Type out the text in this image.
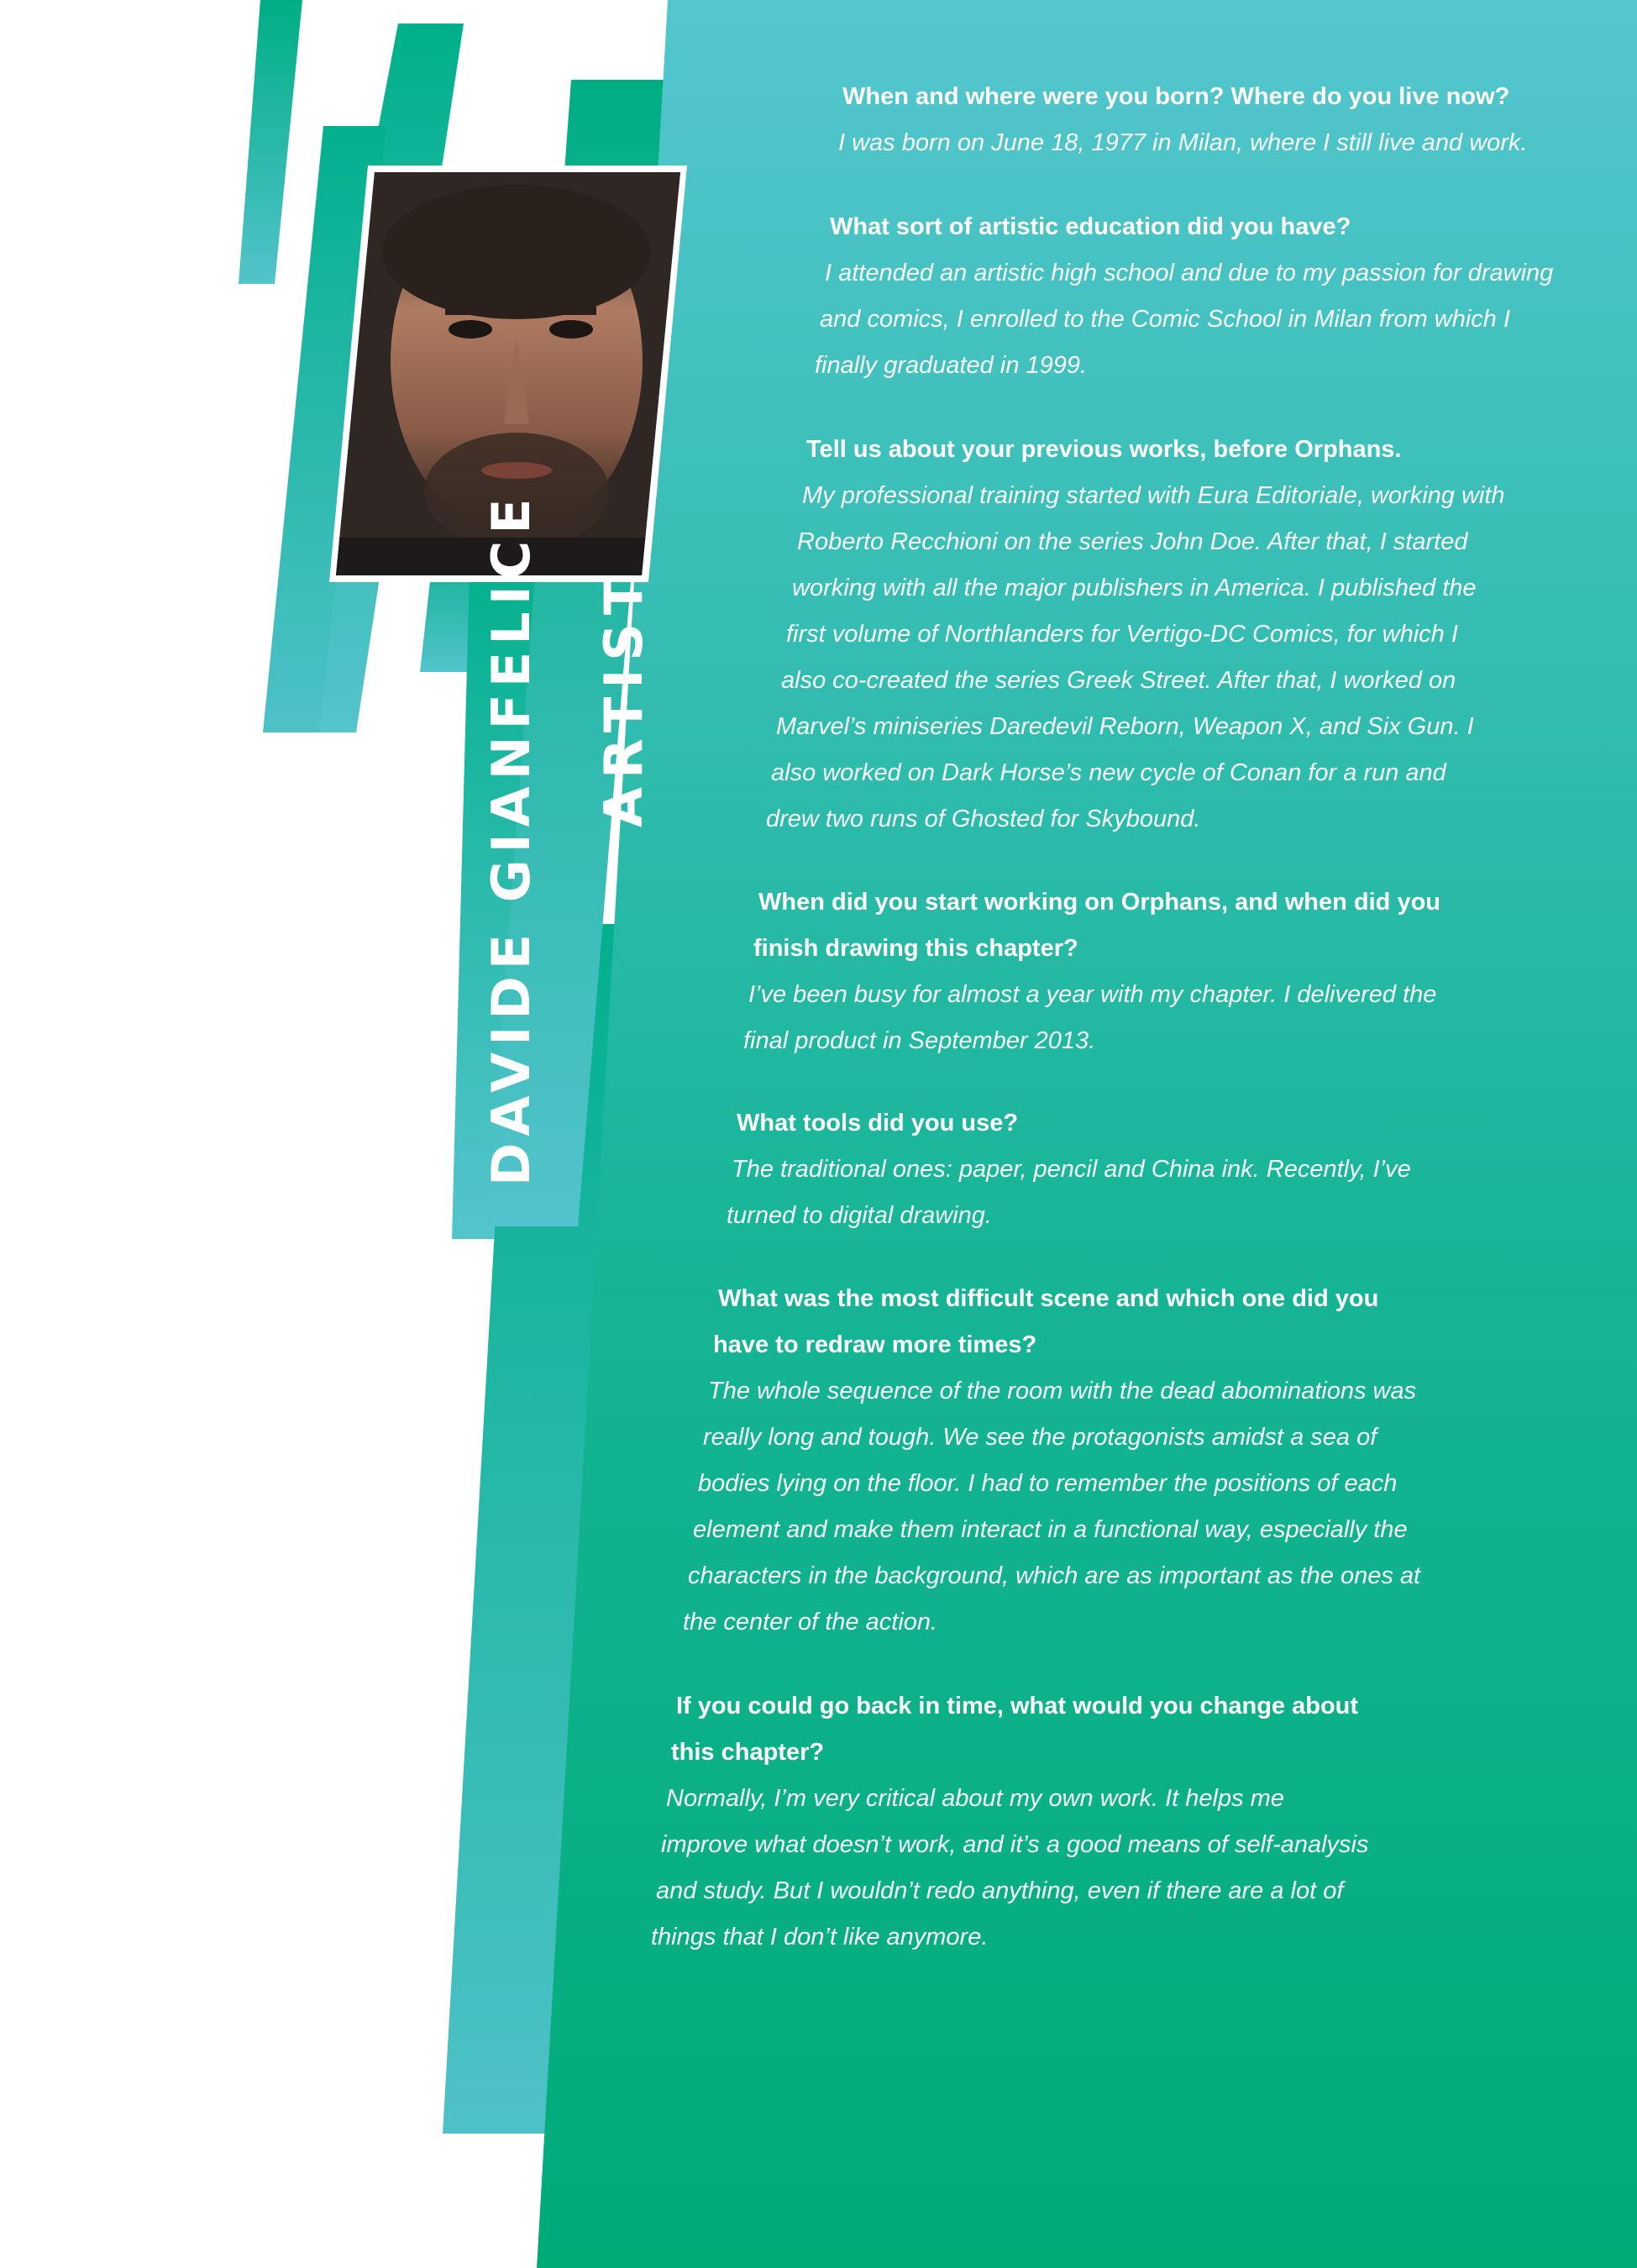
DAVIDE GIANFELICE ARTIST

When and where were you born? Where do you live now?

I was born on June 18, 1977 in Milan, where I still live and work.

What sort of artistic education did you have?

I attended an artistic high school and due to my passion for drawing
and comics, I enrolled to the Comic School in Milan from which I
finally graduated in 1999.

Tell us about your previous works, before Orphans.

My professional training started with Eura Editoriale, working with
Roberto Recchioni on the series John Doe. After that, I started
working with all the major publishers in America. I published the
first volume of Northlanders for Vertigo-DC Comics, for which I
also co-created the series Greek Street. After that, I worked on
Marvel’s miniseries Daredevil Reborn, Weapon X, and Six Gun. I
also worked on Dark Horse’s new cycle of Conan for a run and
drew two runs of Ghosted for Skybound.

When did you start working on Orphans, and when did you
finish drawing this chapter?

I’ve been busy for almost a year with my chapter. I delivered the
final product in September 2013.

What tools did you use?

The traditional ones: paper, pencil and China ink. Recently, I’ve
turned to digital drawing.

What was the most difficult scene and which one did you
have to redraw more times?

The whole sequence of the room with the dead abominations was
really long and tough. We see the protagonists amidst a sea of
bodies lying on the floor. I had to remember the positions of each
element and make them interact in a functional way, especially the
characters in the background, which are as important as the ones at
the center of the action.

If you could go back in time, what would you change about
this chapter?

Normally, I’m very critical about my own work. It helps me
improve what doesn’t work, and it’s a good means of self-analysis
and study. But I wouldn’t redo anything, even if there are a lot of
things that I don’t like anymore.
